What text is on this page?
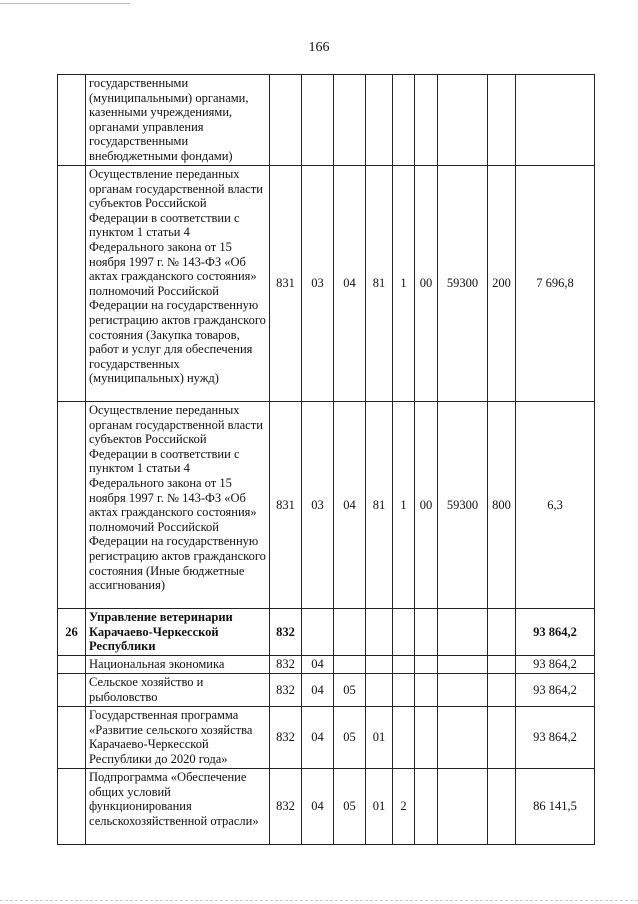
166
	государственными (муниципальными) органами, казенными учреждениями, органами управления государственными внебюджетными фондами)									
	Осуществление переданных органам государственной власти субъектов Российской Федерации в соответствии с пунктом 1 статьи 4 Федерального закона от 15 ноября 1997 г. № 143-ФЗ «Об актах гражданского состояния» полномочий Российской Федерации на государственную регистрацию актов гражданского состояния (Закупка товаров, работ и услуг для обеспечения государственных (муниципальных) нужд)	831	03	04	81	1	00	59300	200	7 696,8
	Осуществление переданных органам государственной власти субъектов Российской Федерации в соответствии с пунктом 1 статьи 4 Федерального закона от 15 ноября 1997 г. № 143-ФЗ «Об актах гражданского состояния» полномочий Российской Федерации на государственную регистрацию актов гражданского состояния (Иные бюджетные ассигнования)	831	03	04	81	1	00	59300	800	6,3
26	Управление ветеринарии Карачаево-Черкесской Республики	832								93 864,2
	Национальная экономика	832	04							93 864,2
	Сельское хозяйство и рыболовство	832	04	05						93 864,2
	Государственная программа «Развитие сельского хозяйства Карачаево-Черкесской Республики до 2020 года»	832	04	05	01					93 864,2
	Подпрограмма «Обеспечение общих условий функционирования сельскохозяйственной отрасли»	832	04	05	01	2				86 141,5
